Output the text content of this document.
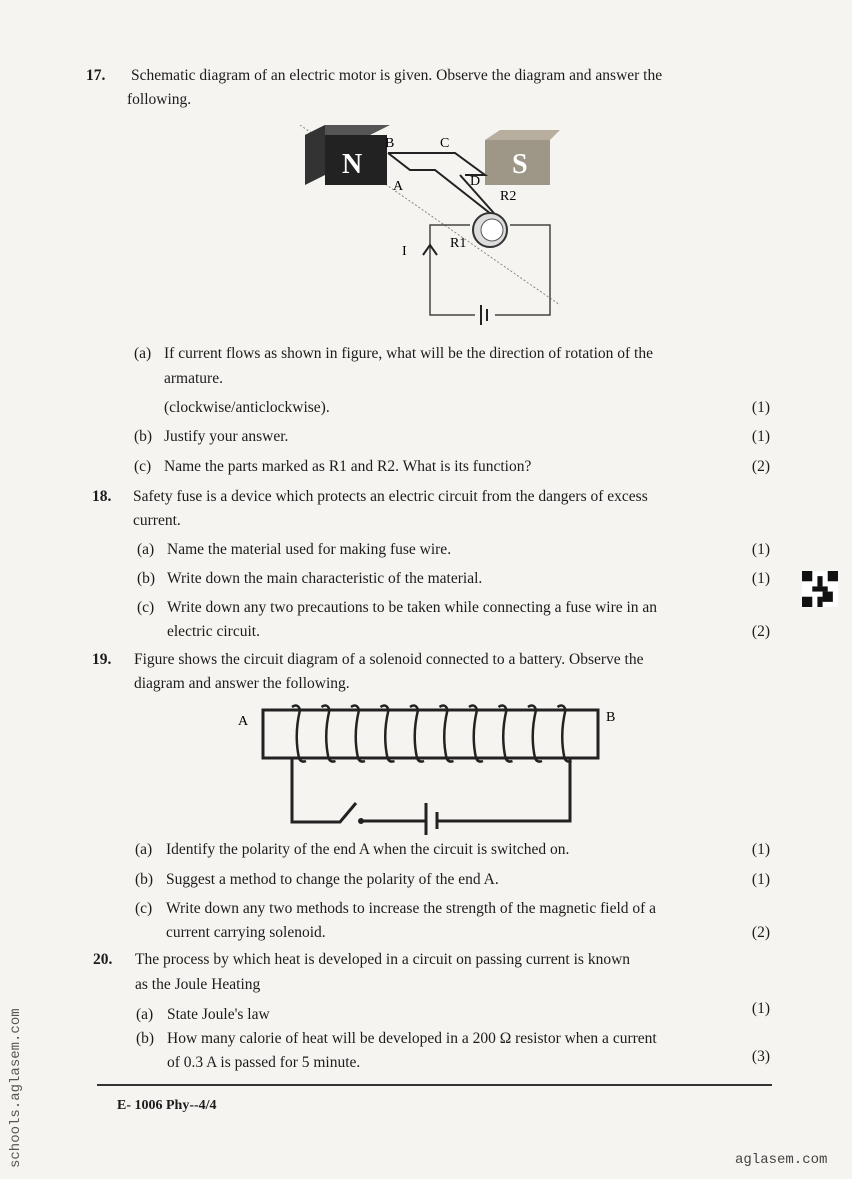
17. Schematic diagram of an electric motor is given. Observe the diagram and answer the
following.
N	S
B	C
A	D
R2
R1
I
(a) If current flows as shown in figure, what will be the direction of rotation of the
armature.
(clockwise/anticlockwise).	(1)
(b) Justify your answer.	(1)
(c) Name the parts marked as R1 and R2. What is its function?	(2)
18. Safety fuse is a device which protects an electric circuit from the dangers of excess
current.
(a) Name the material used for making fuse wire.	(1)
(b) Write down the main characteristic of the material.	(1)
(c) Write down any two precautions to be taken while connecting a fuse wire in an
electric circuit.	(2)
19. Figure shows the circuit diagram of a solenoid connected to a battery. Observe the
diagram and answer the following.
A	B
(a) Identify the polarity of the end A when the circuit is switched on.	(1)
(b) Suggest a method to change the polarity of the end A.	(1)
(c) Write down any two methods to increase the strength of the magnetic field of a
current carrying solenoid.	(2)
20. The process by which heat is developed in a circuit on passing current is known
as the Joule Heating
(a) State Joule's law	(1)
(b) How many calorie of heat will be developed in a 200 Ω resistor when a current
of 0.3 A is passed for 5 minute.	(3)
E- 1006 Phy--4/4
schools.aglasem.com	aglasem.com
